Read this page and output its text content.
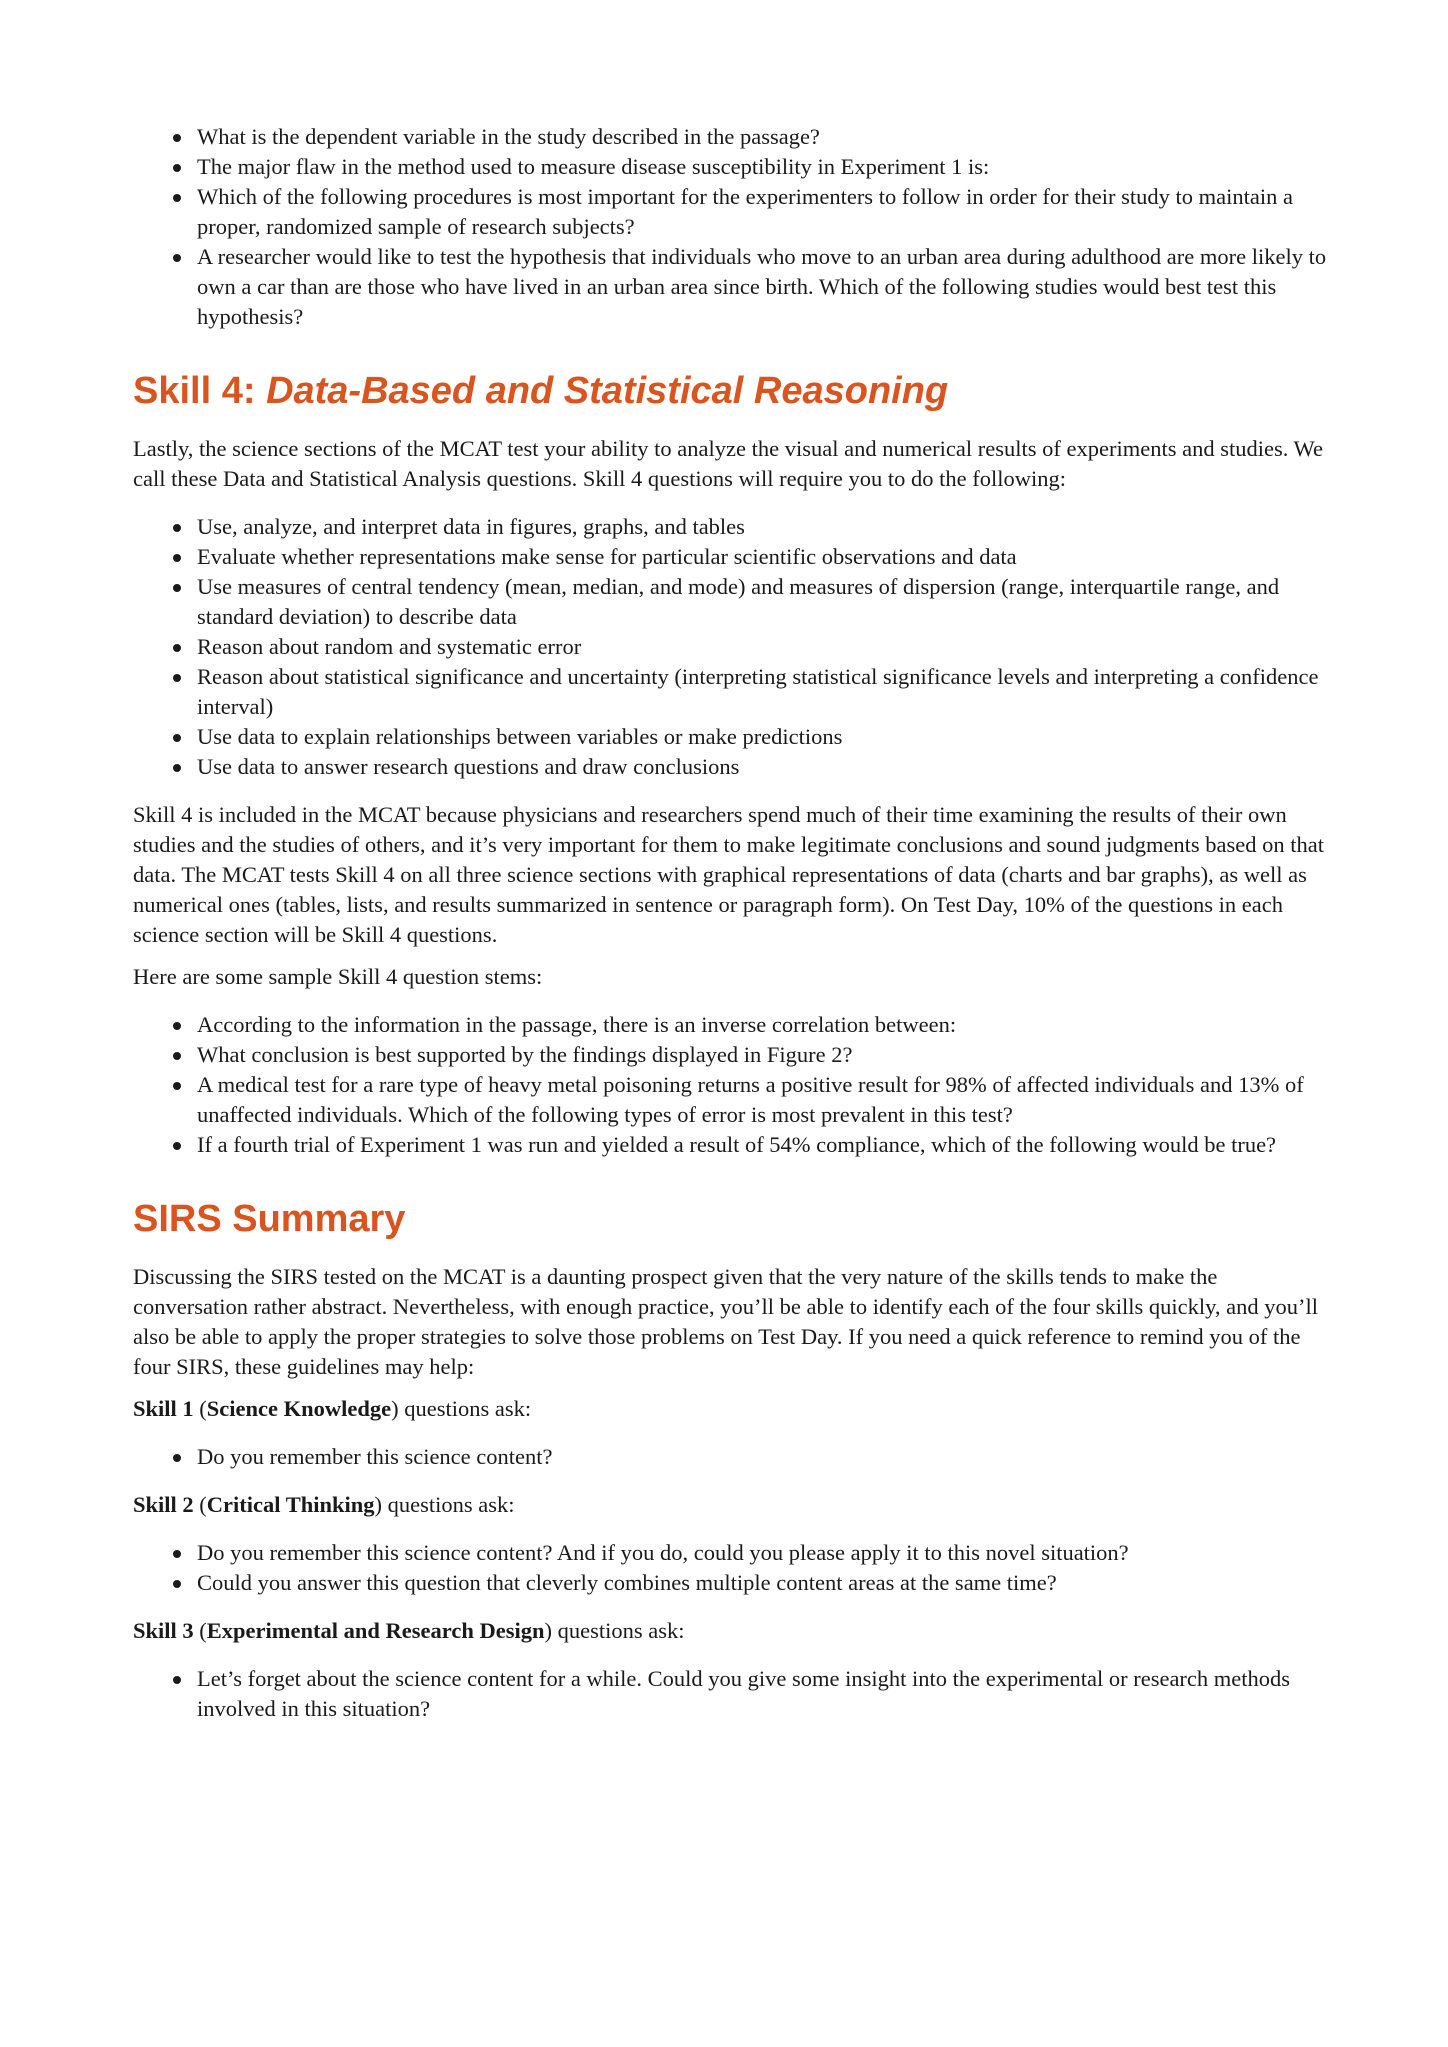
What is the dependent variable in the study described in the passage?
The major flaw in the method used to measure disease susceptibility in Experiment 1 is:
Which of the following procedures is most important for the experimenters to follow in order for their study to maintain a proper, randomized sample of research subjects?
A researcher would like to test the hypothesis that individuals who move to an urban area during adulthood are more likely to own a car than are those who have lived in an urban area since birth. Which of the following studies would best test this hypothesis?
Skill 4: Data-Based and Statistical Reasoning

Lastly, the science sections of the MCAT test your ability to analyze the visual and numerical results of experiments and studies. We call these Data and Statistical Analysis questions. Skill 4 questions will require you to do the following:

Use, analyze, and interpret data in figures, graphs, and tables
Evaluate whether representations make sense for particular scientific observations and data
Use measures of central tendency (mean, median, and mode) and measures of dispersion (range, interquartile range, and standard deviation) to describe data
Reason about random and systematic error
Reason about statistical significance and uncertainty (interpreting statistical significance levels and interpreting a confidence interval)
Use data to explain relationships between variables or make predictions
Use data to answer research questions and draw conclusions

Skill 4 is included in the MCAT because physicians and researchers spend much of their time examining the results of their own studies and the studies of others, and it’s very important for them to make legitimate conclusions and sound judgments based on that data. The MCAT tests Skill 4 on all three science sections with graphical representations of data (charts and bar graphs), as well as numerical ones (tables, lists, and results summarized in sentence or paragraph form). On Test Day, 10% of the questions in each science section will be Skill 4 questions.

Here are some sample Skill 4 question stems:

According to the information in the passage, there is an inverse correlation between:
What conclusion is best supported by the findings displayed in Figure 2?
A medical test for a rare type of heavy metal poisoning returns a positive result for 98% of affected individuals and 13% of unaffected individuals. Which of the following types of error is most prevalent in this test?
If a fourth trial of Experiment 1 was run and yielded a result of 54% compliance, which of the following would be true?
SIRS Summary

Discussing the SIRS tested on the MCAT is a daunting prospect given that the very nature of the skills tends to make the conversation rather abstract. Nevertheless, with enough practice, you’ll be able to identify each of the four skills quickly, and you’ll also be able to apply the proper strategies to solve those problems on Test Day. If you need a quick reference to remind you of the four SIRS, these guidelines may help:

Skill 1 (Science Knowledge) questions ask:

Do you remember this science content?

Skill 2 (Critical Thinking) questions ask:

Do you remember this science content? And if you do, could you please apply it to this novel situation?
Could you answer this question that cleverly combines multiple content areas at the same time?

Skill 3 (Experimental and Research Design) questions ask:

Let’s forget about the science content for a while. Could you give some insight into the experimental or research methods involved in this situation?
